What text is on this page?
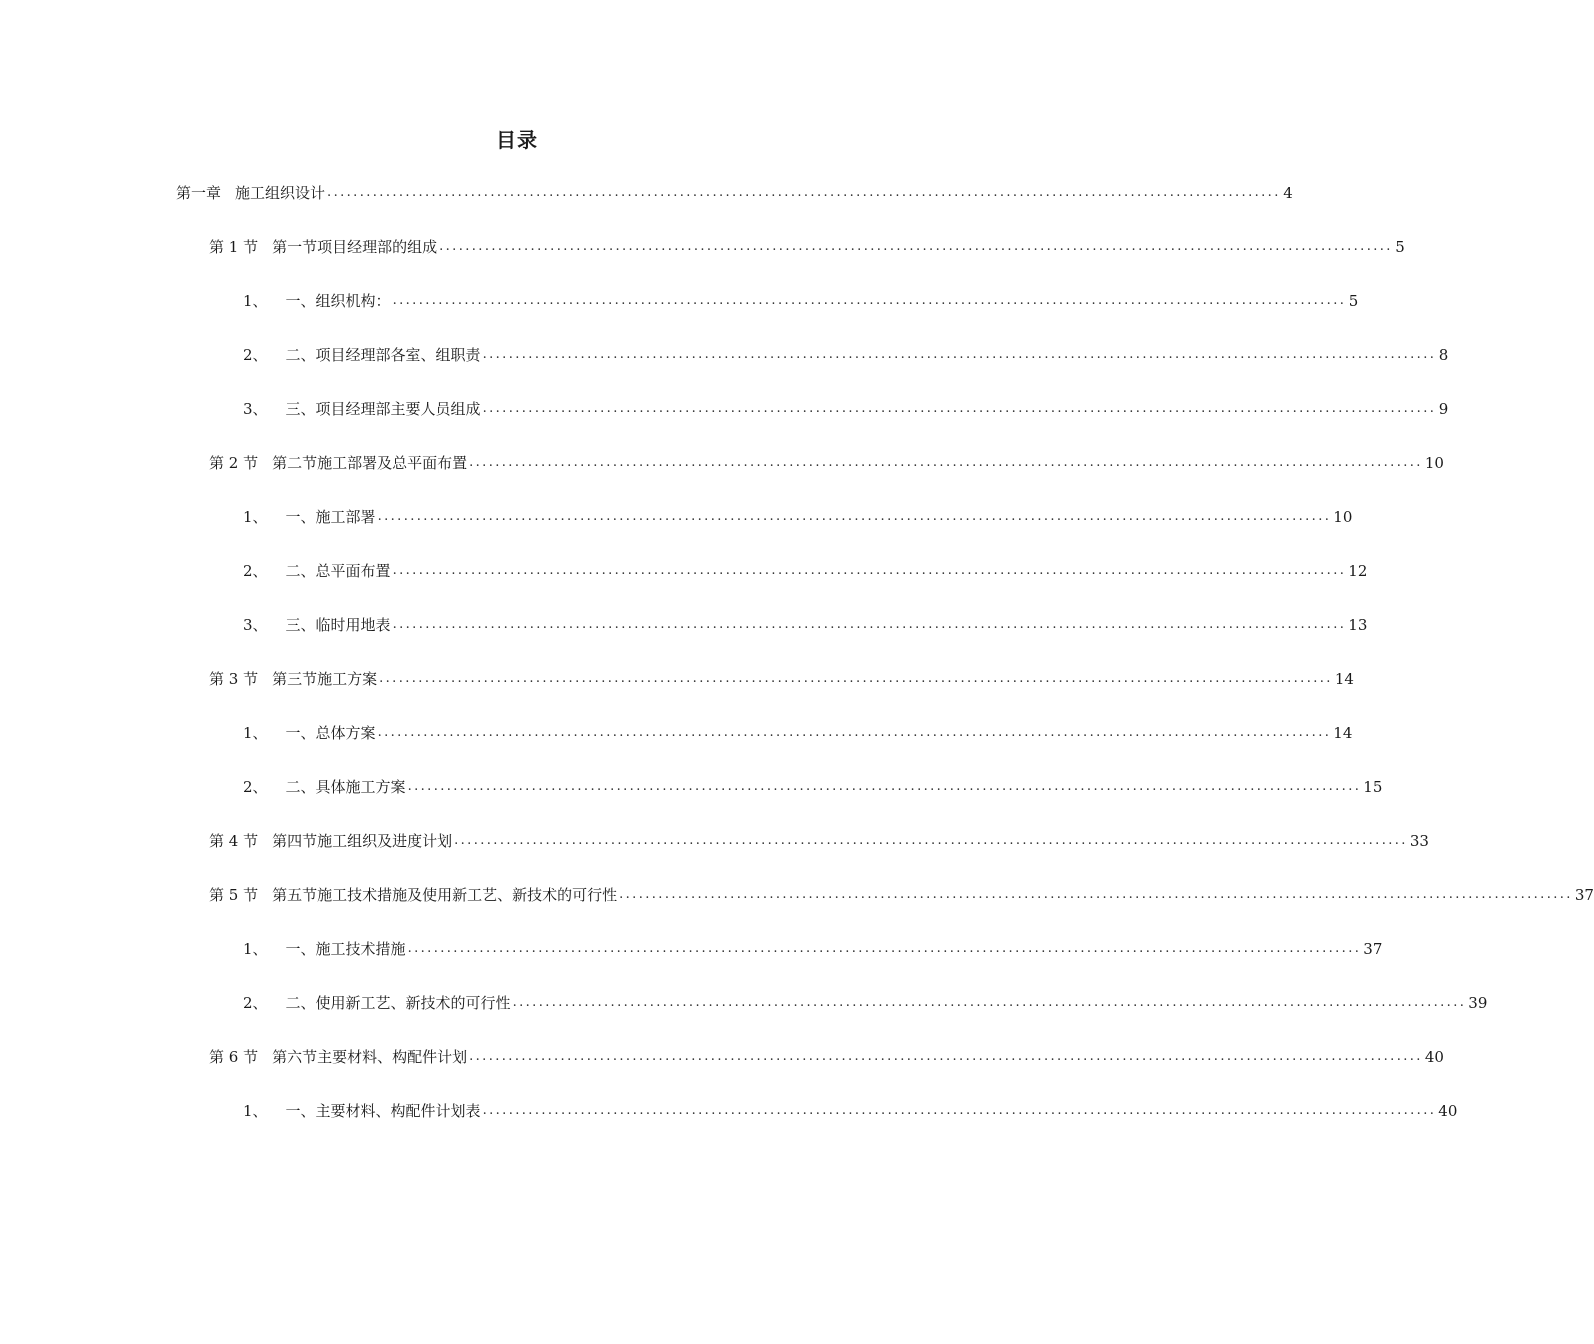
目录
第一章 施工组织设计 .................................................................................................................................................. 4
第 1 节 第一节项目经理部的组成 .................................................................................................................................................. 5
1、 一、组织机构： .................................................................................................................................................. 5
2、 二、项目经理部各室、组职责 .................................................................................................................................................. 8
3、 三、项目经理部主要人员组成 .................................................................................................................................................. 9
第 2 节 第二节施工部署及总平面布置 .................................................................................................................................................. 10
1、 一、施工部署 .................................................................................................................................................. 10
2、 二、总平面布置 .................................................................................................................................................. 12
3、 三、临时用地表 .................................................................................................................................................. 13
第 3 节 第三节施工方案 .................................................................................................................................................. 14
1、 一、总体方案 .................................................................................................................................................. 14
2、 二、具体施工方案 .................................................................................................................................................. 15
第 4 节 第四节施工组织及进度计划 .................................................................................................................................................. 33
第 5 节 第五节施工技术措施及使用新工艺、新技术的可行性 .................................................................................................................................................. 37
1、 一、施工技术措施 .................................................................................................................................................. 37
2、 二、使用新工艺、新技术的可行性 .................................................................................................................................................. 39
第 6 节 第六节主要材料、构配件计划 .................................................................................................................................................. 40
1、 一、主要材料、构配件计划表 .................................................................................................................................................. 40
